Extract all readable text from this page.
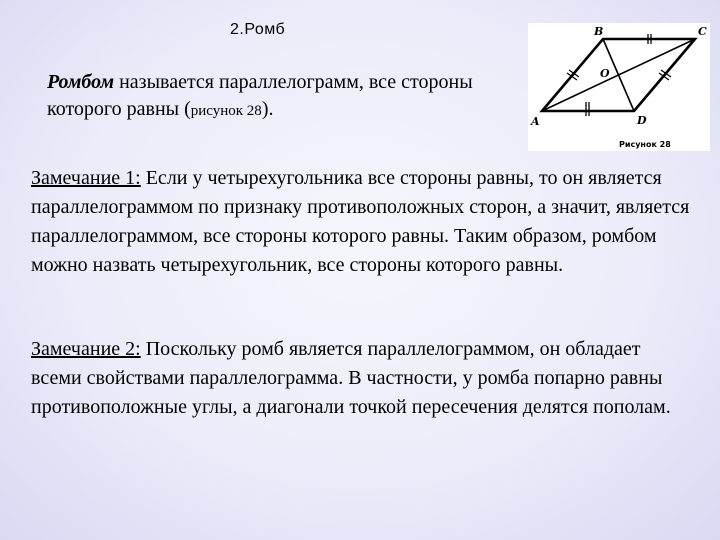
2.Ромб
Ромбом называется параллелограмм, все стороны которого равны (рисунок 28).
A
B	C
D
O
Рисунок 28
Замечание 1: Если у четырехугольника все стороны равны, то он является параллелограммом по признаку противоположных сторон, а значит, является параллелограммом, все стороны которого равны. Таким образом, ромбом можно назвать четырехугольник, все стороны которого равны.
Замечание 2: Поскольку ромб является параллелограммом, он обладает всеми свойствами параллелограмма. В частности, у ромба попарно равны противоположные углы, а диагонали точкой пересечения делятся пополам.
